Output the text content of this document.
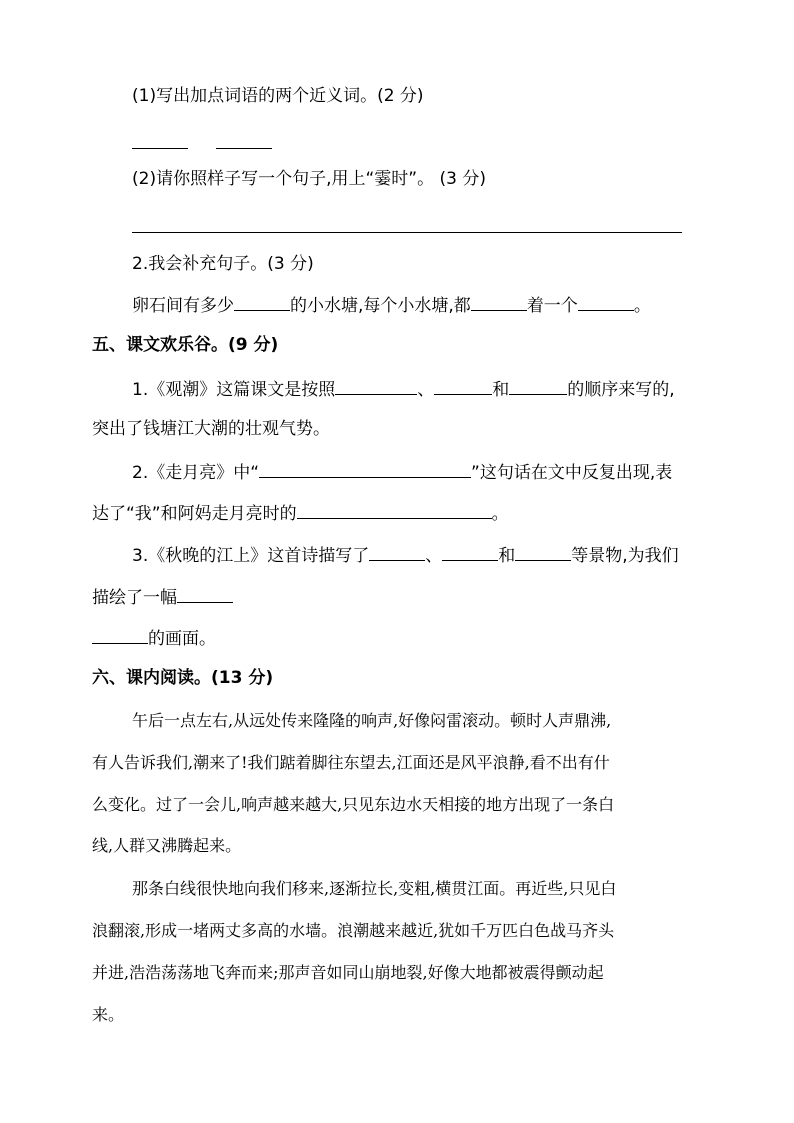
(1)写出加点词语的两个近义词。(2 分)
(2)请你照样子写一个句子,用上“霎时”。 (3 分)
2.我会补充句子。(3 分)
卵石间有多少	的小水塘,每个小水塘,都	着一个	。
五、课文欢乐谷。(9 分)
1.《观潮》这篇课文是按照	、	和	的顺序来写的,
突出了钱塘江大潮的壮观气势。
2.《走月亮》中“	”这句话在文中反复出现,表
达了“我”和阿妈走月亮时的	。
3.《秋晚的江上》这首诗描写了	、	和	等景物,为我们
描绘了一幅
的画面。
六、课内阅读。(13 分)
午后一点左右,从远处传来隆隆的响声,好像闷雷滚动。顿时人声鼎沸,
有人告诉我们,潮来了!我们踮着脚往东望去,江面还是风平浪静,看不出有什
么变化。过了一会儿,响声越来越大,只见东边水天相接的地方出现了一条白
线,人群又沸腾起来。
那条白线很快地向我们移来,逐渐拉长,变粗,横贯江面。再近些,只见白
浪翻滚,形成一堵两丈多高的水墙。浪潮越来越近,犹如千万匹白色战马齐头
并进,浩浩荡荡地飞奔而来;那声音如同山崩地裂,好像大地都被震得颤动起
来。
